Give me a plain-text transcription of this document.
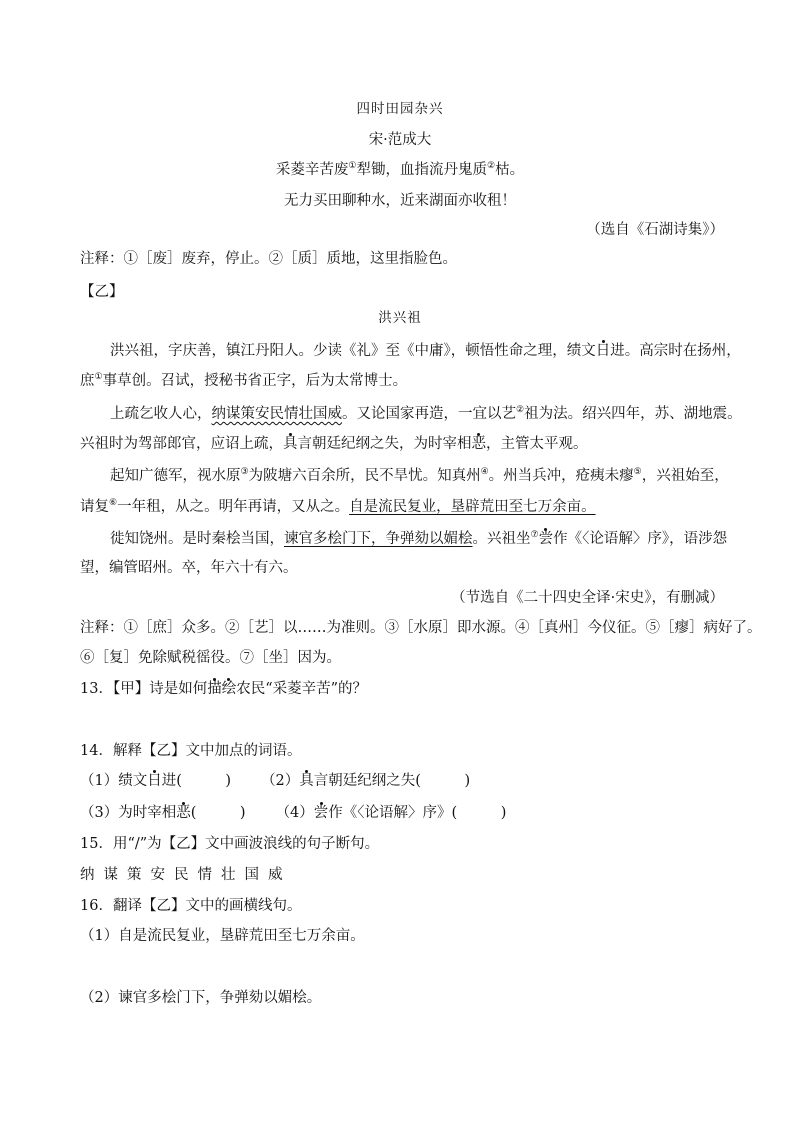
四时田园杂兴
宋·范成大
采菱辛苦废①犁锄，血指流丹鬼质②枯。
无力买田聊种水，近来湖面亦收租！
（选自《石湖诗集》）
注释：①［废］废弃，停止。②［质］质地，这里指脸色。
【乙】
洪兴祖
洪兴祖，字庆善，镇江丹阳人。少读《礼》至《中庸》，顿悟性命之理，绩文日进。高宗时在扬州，
庶①事草创。召试，授秘书省正字，后为太常博士。
上疏乞收人心，纳谋策安民情壮国威。又论国家再造，一宜以艺②祖为法。绍兴四年，苏、湖地震。
兴祖时为驾部郎官，应诏上疏，具言朝廷纪纲之失，为时宰相恶，主管太平观。
起知广德军，视水原③为陂塘六百余所，民不旱忧。知真州④。州当兵冲，疮痍未瘳⑤，兴祖始至，
请复⑥一年租，从之。明年再请，又从之。自是流民复业，垦辟荒田至七万余亩。
徙知饶州。是时秦桧当国，谏官多桧门下，争弹劾以媚桧。兴祖坐⑦尝作《〈论语解〉序》，语涉怨
望，编管昭州。卒，年六十有六。
（节选自《二十四史全译·宋史》，有删减）
注释：①［庶］众多。②［艺］以……为准则。③［水原］即水源。④［真州］今仪征。⑤［瘳］病好了。
⑥［复］免除赋税徭役。⑦［坐］因为。
13．【甲】诗是如何描绘农民“采菱辛苦”的？
14．解释【乙】文中加点的词语。
（1）绩文日进(　　　) （2）具言朝廷纪纲之失(　　　)
（3）为时宰相恶(　　　) （4）尝作《〈论语解〉序》(　　　)
15．用“/”为【乙】文中画波浪线的句子断句。
纳谋策安民情壮国威
16．翻译【乙】文中的画横线句。
（1）自是流民复业，垦辟荒田至七万余亩。
（2）谏官多桧门下，争弹劾以媚桧。
